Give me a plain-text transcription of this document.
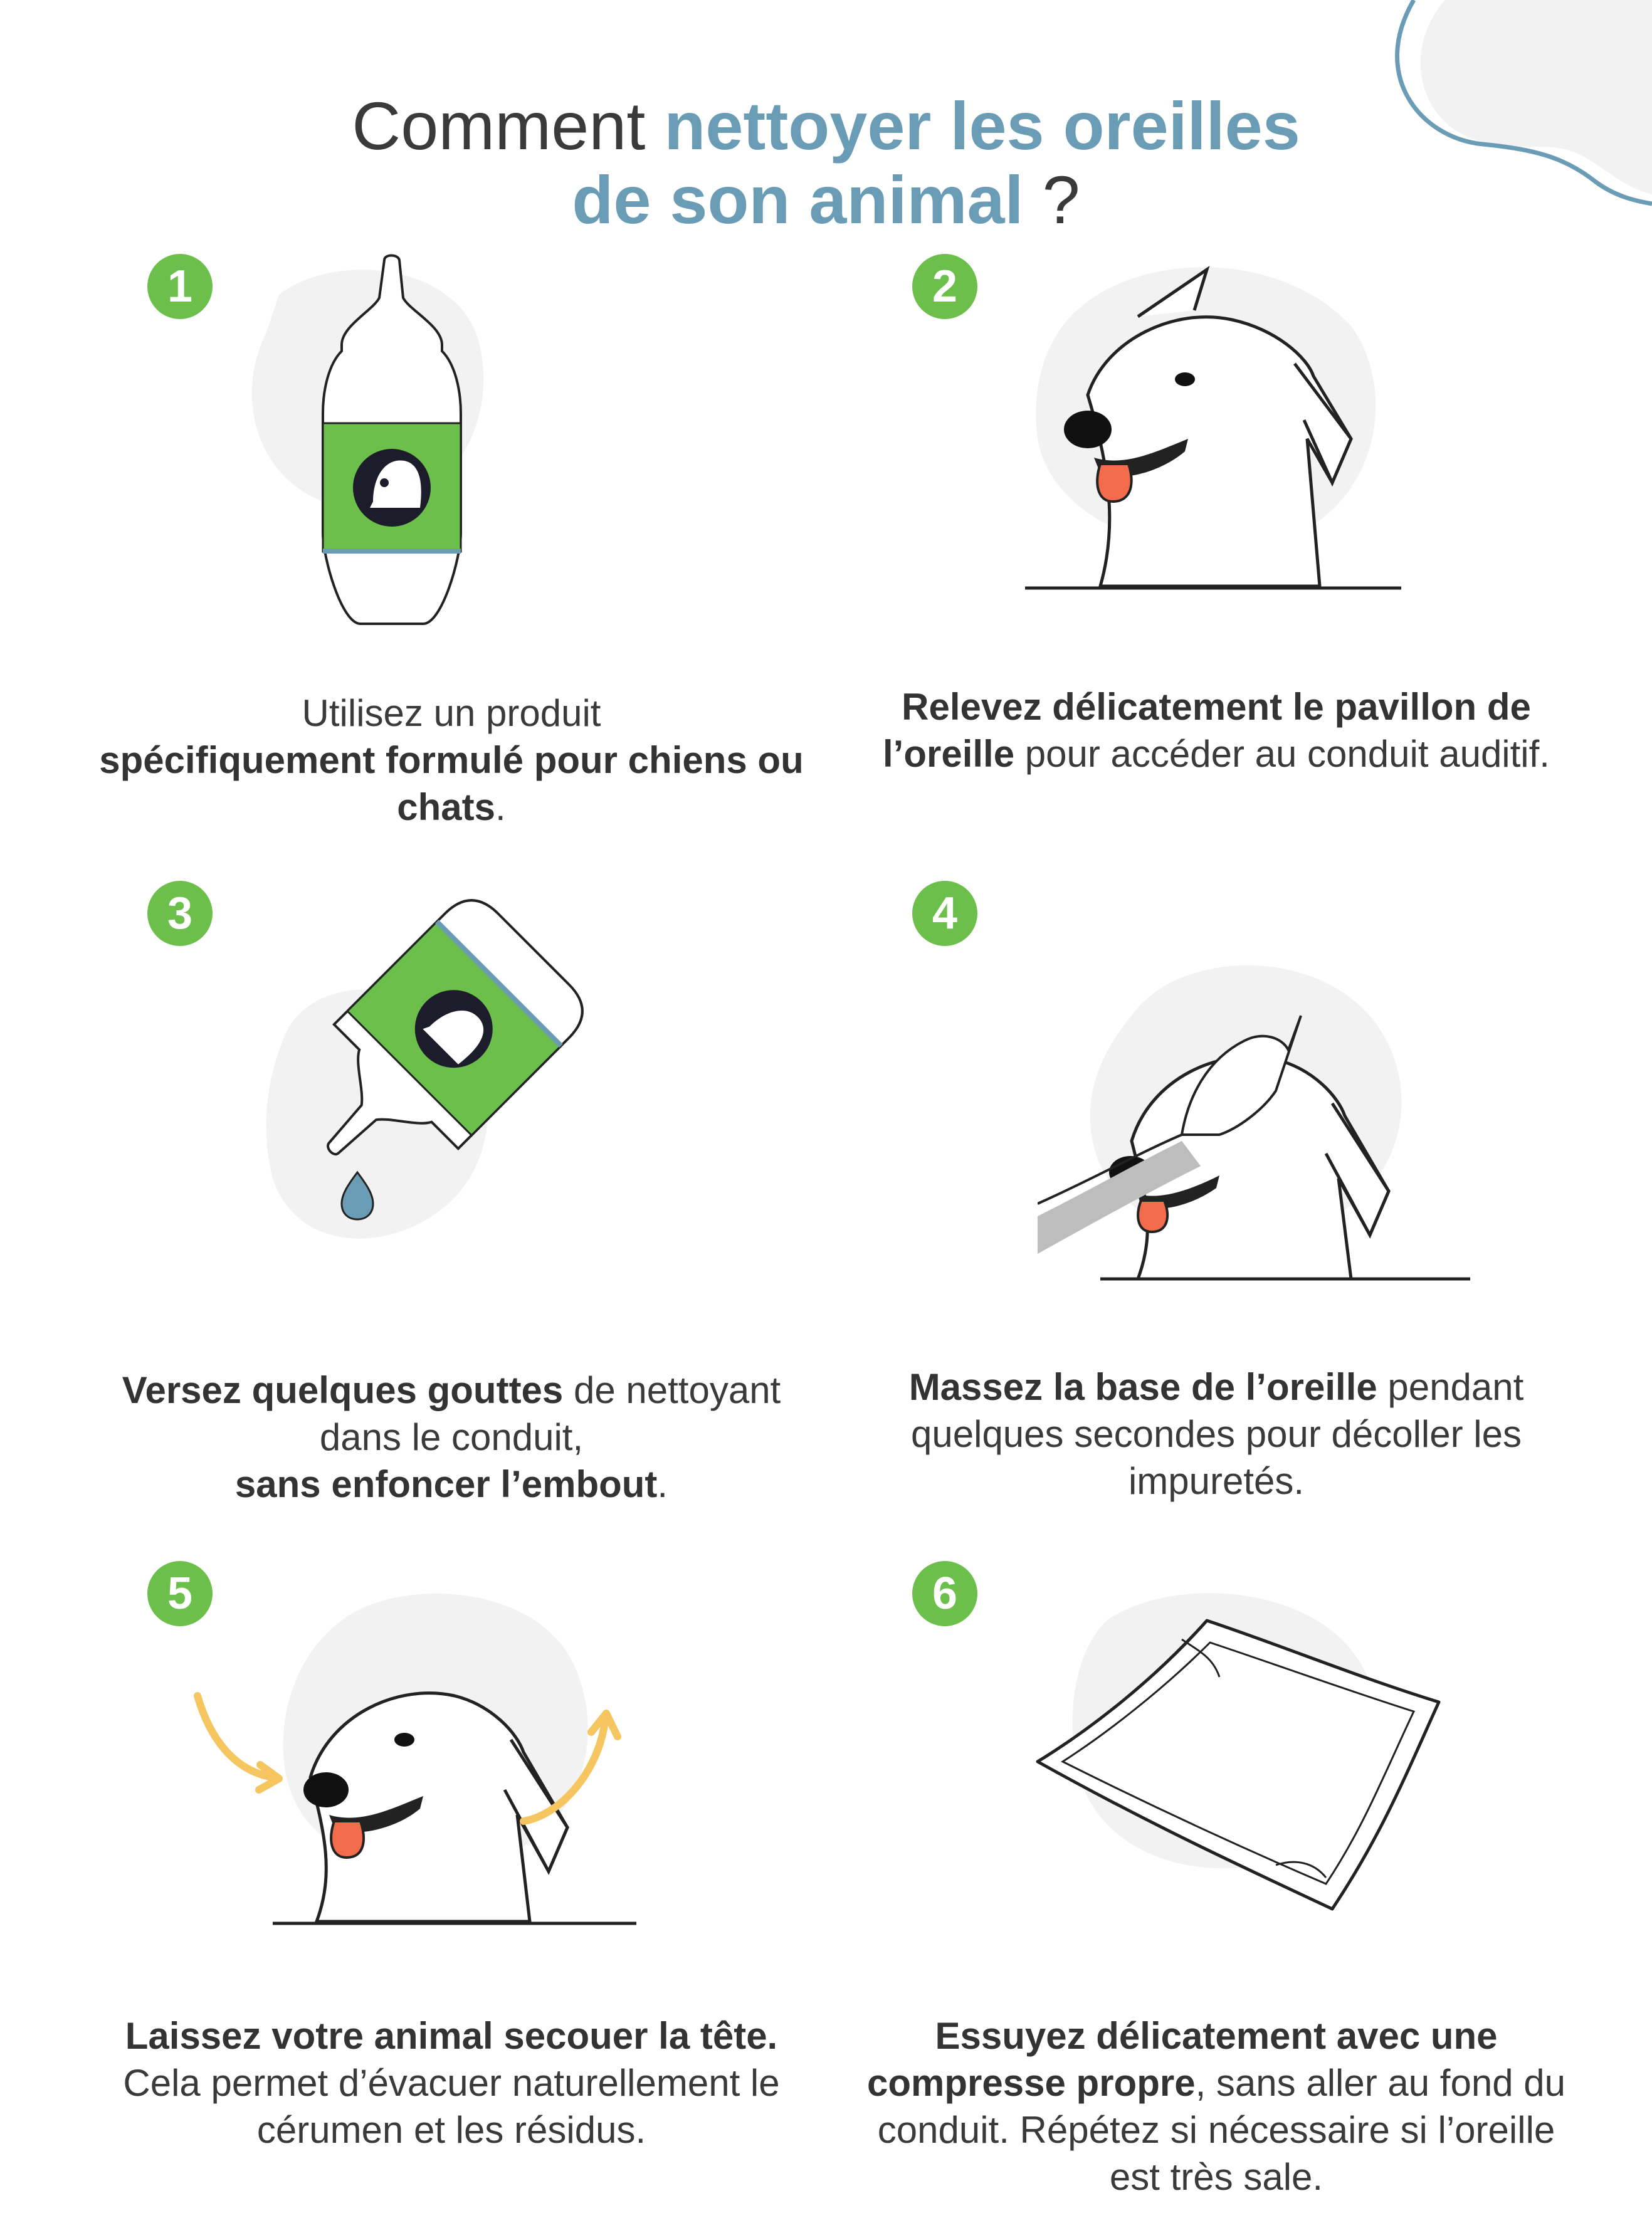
Comment nettoyer les oreilles
de son animal ?
1

Utilisez un produit
spécifiquement formulé pour chiens ou chats.

2

Relevez délicatement le pavillon de l’oreille pour accéder au conduit auditif.

3

Versez quelques gouttes de nettoyant dans le conduit,
sans enfoncer l’embout.

4

Massez la base de l’oreille pendant quelques secondes pour décoller les impuretés.

5

Laissez votre animal secouer la tête. Cela permet d’évacuer naturellement le cérumen et les résidus.

6

Essuyez délicatement avec une compresse propre, sans aller au fond du conduit. Répétez si nécessaire si l’oreille est très sale.
